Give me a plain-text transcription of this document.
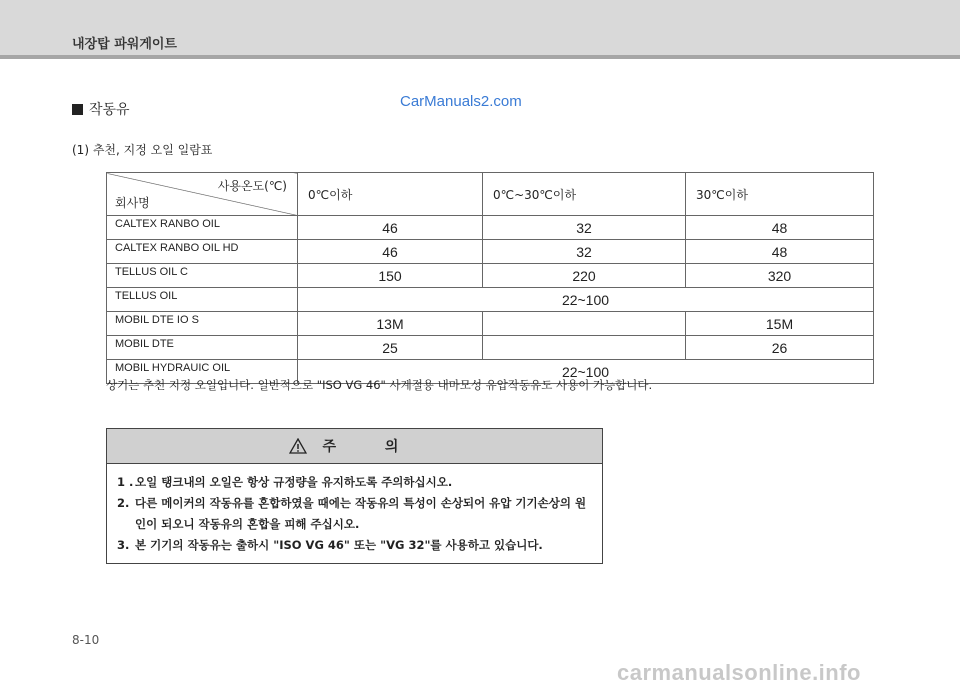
내장탑 파워게이트
CarManuals2.com
작동유
(1) 추천, 지정 오일 일람표
사용온도(℃)
회사명	0℃이하	0℃~30℃이하	30℃이하
CALTEX RANBO OIL	46	32	48
CALTEX RANBO OIL HD	46	32	48
TELLUS OIL C	150	220	320
TELLUS OIL	22~100		
MOBIL DTE IO S	13M		15M
MOBIL DTE	25		26
MOBIL HYDRAUIC OIL	22~100		
상기는 추천 지정 오일입니다. 일반적으로 "ISO VG 46" 사계절용 내마모성 유압작동유도 사용이 가능합니다.
주 의
1 . 오일 탱크내의 오일은 항상 규정량을 유지하도록 주의하십시오.
2. 다른 메이커의 작동유를 혼합하였을 때에는 작동유의 특성이 손상되어 유압 기기손상의 원인이 되오니 작동유의 혼합을 피해 주십시오.
3. 본 기기의 작동유는 출하시 "ISO VG 46" 또는 "VG 32"를 사용하고 있습니다.
8-10
carmanualsonline.info
